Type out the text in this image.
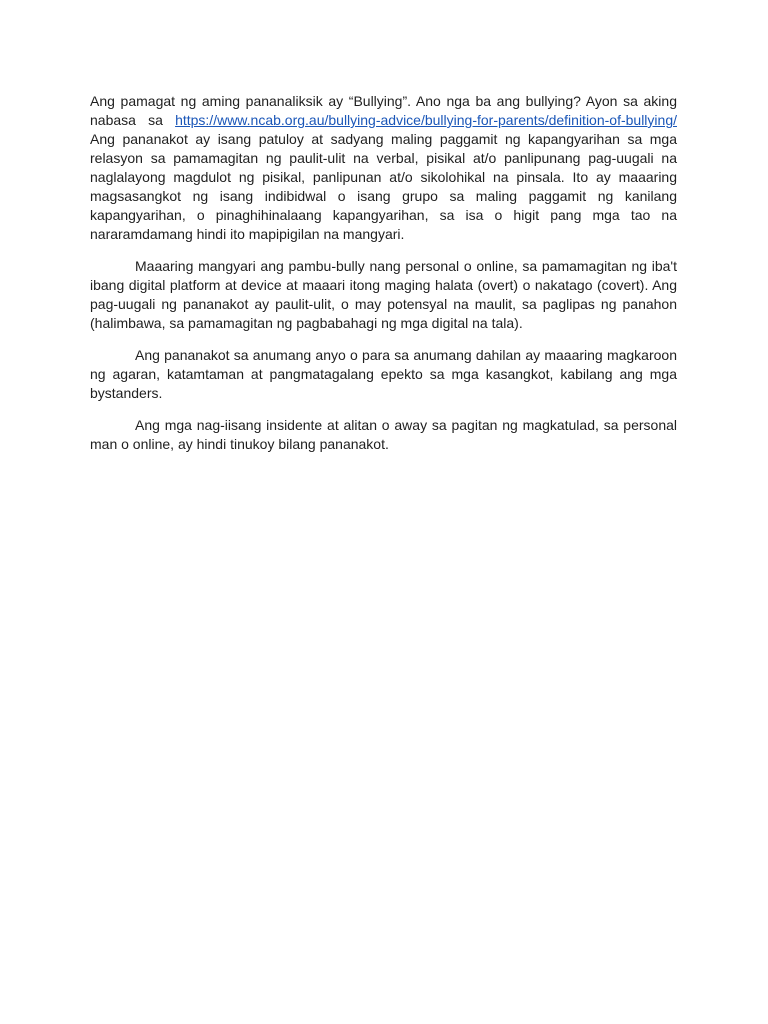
Ang pamagat ng aming pananaliksik ay “Bullying”. Ano nga ba ang bullying? Ayon sa aking nabasa sa https://www.ncab.org.au/bullying-advice/bullying-for-parents/definition-of-bullying/ Ang pananakot ay isang patuloy at sadyang maling paggamit ng kapangyarihan sa mga relasyon sa pamamagitan ng paulit-ulit na verbal, pisikal at/o panlipunang pag-uugali na naglalayong magdulot ng pisikal, panlipunan at/o sikolohikal na pinsala. Ito ay maaaring magsasangkot ng isang indibidwal o isang grupo sa maling paggamit ng kanilang kapangyarihan, o pinaghihinalaang kapangyarihan, sa isa o higit pang mga tao na nararamdamang hindi ito mapipigilan na mangyari.

Maaaring mangyari ang pambu-bully nang personal o online, sa pamamagitan ng iba't ibang digital platform at device at maaari itong maging halata (overt) o nakatago (covert). Ang pag-uugali ng pananakot ay paulit-ulit, o may potensyal na maulit, sa paglipas ng panahon (halimbawa, sa pamamagitan ng pagbabahagi ng mga digital na tala).

Ang pananakot sa anumang anyo o para sa anumang dahilan ay maaaring magkaroon ng agaran, katamtaman at pangmatagalang epekto sa mga kasangkot, kabilang ang mga bystanders.

Ang mga nag-iisang insidente at alitan o away sa pagitan ng magkatulad, sa personal man o online, ay hindi tinukoy bilang pananakot.
